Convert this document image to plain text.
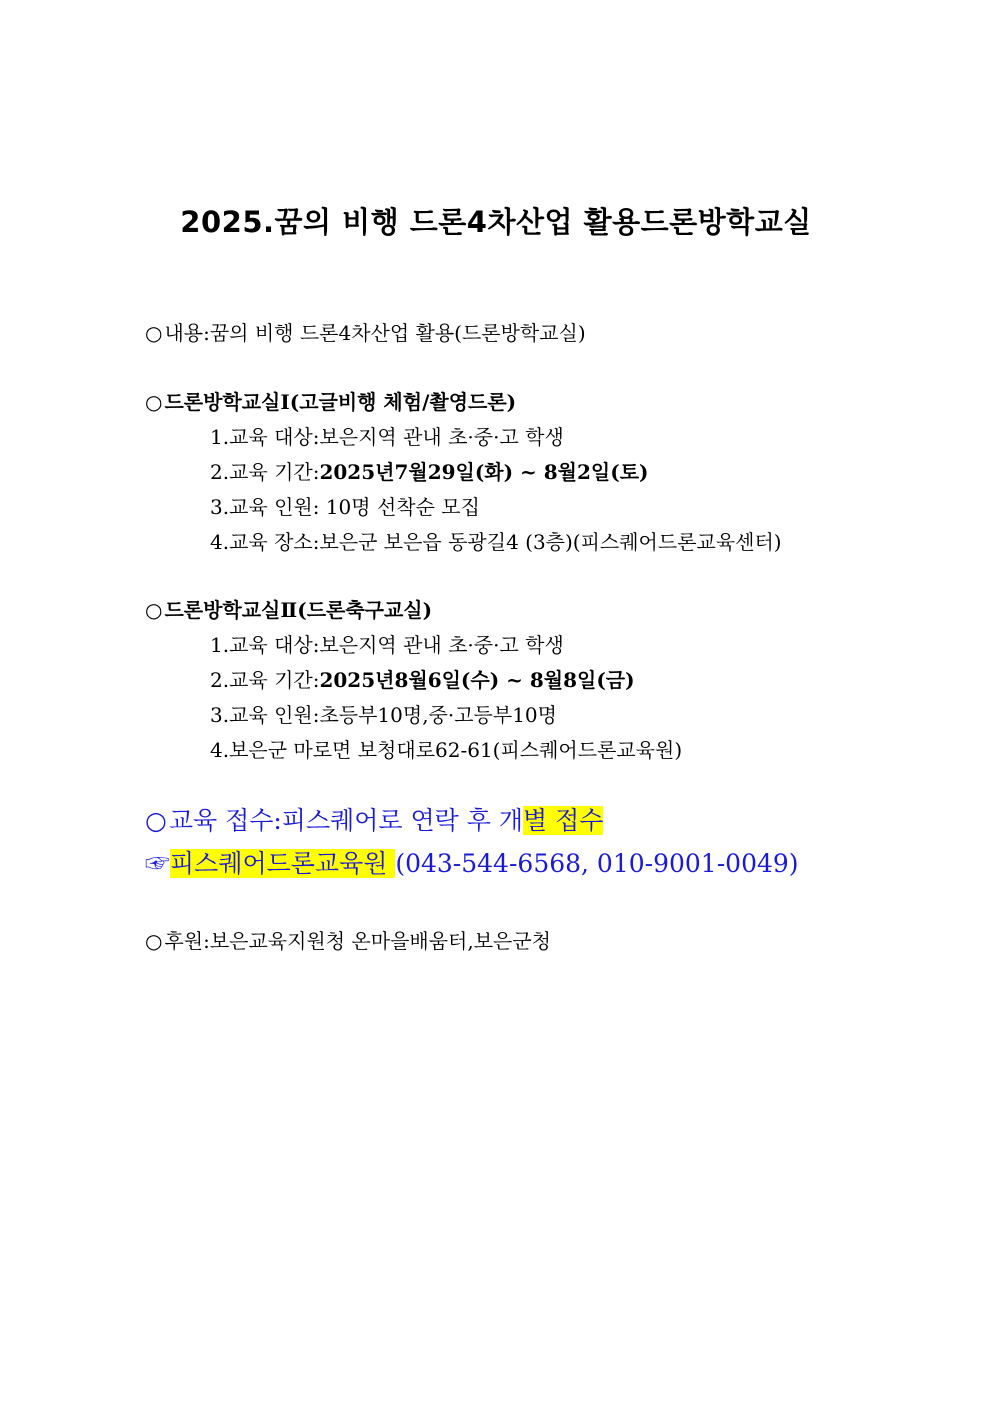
2025.꿈의 비행 드론4차산업 활용드론방학교실
○ 내용:꿈의 비행 드론4차산업 활용(드론방학교실)
○ 드론방학교실Ⅰ(고글비행 체험/촬영드론)
1.교육 대상:보은지역 관내 초·중·고 학생
2.교육 기간:2025년7월29일(화) ~ 8월2일(토)
3.교육 인원: 10명 선착순 모집
4.교육 장소:보은군 보은읍 동광길4 (3층)(피스퀘어드론교육센터)
○ 드론방학교실Ⅱ(드론축구교실)
1.교육 대상:보은지역 관내 초·중·고 학생
2.교육 기간:2025년8월6일(수) ~ 8월8일(금)
3.교육 인원:초등부10명,중·고등부10명
4.보은군 마로면 보청대로62-61(피스퀘어드론교육원)
○교육 접수:피스퀘어로 연락 후 개별 접수
☞피스퀘어드론교육원 (043-544-6568, 010-9001-0049)
○ 후원:보은교육지원청 온마을배움터,보은군청
